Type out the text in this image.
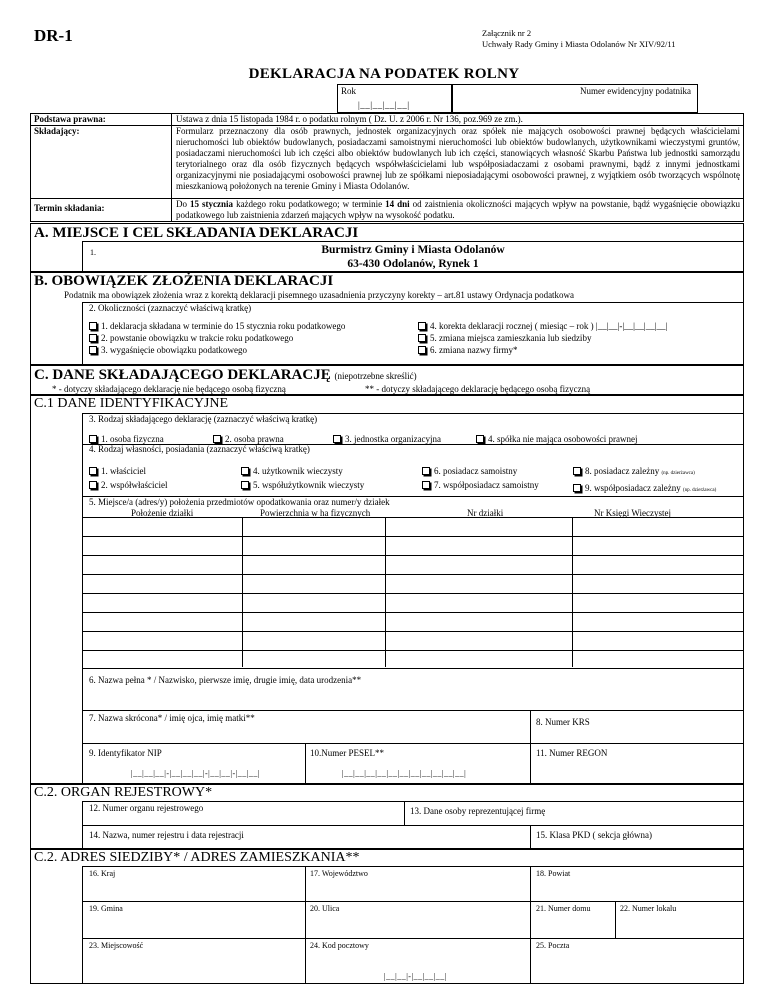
DR-1	Załącznik nr 2
Uchwały Rady Gminy i Miasta Odolanów Nr XIV/92/11
DEKLARACJA NA PODATEK ROLNY
Rok
|__|__|__|__|
Numer ewidencyjny podatnika
Podstawa prawna:	Ustawa z dnia 15 listopada 1984 r. o podatku rolnym ( Dz. U. z 2006 r. Nr 136, poz.969 ze zm.).
Składający:	Formularz przeznaczony dla osób prawnych, jednostek organizacyjnych oraz spółek nie mających osobowości prawnej będących właścicielami nieruchomości lub obiektów budowlanych, posiadaczami samoistnymi nieruchomości lub obiektów budowlanych, użytkownikami wieczystymi gruntów, posiadaczami nieruchomości lub ich części albo obiektów budowlanych lub ich części, stanowiących własność Skarbu Państwa lub jednostki samorządu terytorialnego oraz dla osób fizycznych będących współwłaścicielami lub współposiadaczami z osobami prawnymi, bądź z innymi jednostkami organizacyjnymi nie posiadającymi osobowości prawnej lub ze spółkami nieposiadającymi osobowości prawnej, z wyjątkiem osób tworzących wspólnotę mieszkaniową położonych na terenie Gminy i Miasta Odolanów.
Termin składania:	Do 15 stycznia każdego roku podatkowego; w terminie 14 dni od zaistnienia okoliczności mających wpływ na powstanie, bądź wygaśnięcie obowiązku podatkowego lub zaistnienia zdarzeń mających wpływ na wysokość podatku.
A. MIEJSCE I CEL SKŁADANIA DEKLARACJI
1.	Burmistrz Gminy i Miasta Odolanów
63-430 Odolanów, Rynek 1
B. OBOWIĄZEK ZŁOŻENIA DEKLARACJI
Podatnik ma obowiązek złożenia wraz z korektą deklaracji pisemnego uzasadnienia przyczyny korekty – art.81 ustawy Ordynacja podatkowa
2. Okoliczności (zaznaczyć właściwą kratkę)
1. deklaracja składana w terminie do 15 stycznia roku podatkowego
2. powstanie obowiązku w trakcie roku podatkowego
3. wygaśnięcie obowiązku podatkowego
4. korekta deklaracji rocznej ( miesiąc – rok ) |__|__|-|__|__|__|__|
5. zmiana miejsca zamieszkania lub siedziby
6. zmiana nazwy firmy*
C. DANE SKŁADAJĄCEGO DEKLARACJĘ (niepotrzebne skreślić)
* - dotyczy składającego deklarację nie będącego osobą fizyczną	** - dotyczy składającego deklarację będącego osobą fizyczną
C.1 DANE IDENTYFIKACYJNE
3. Rodzaj składającego deklarację (zaznaczyć właściwą kratkę)
1. osoba fizyczna	2. osoba prawna	3. jednostka organizacyjna	4. spółka nie mająca osobowości prawnej
4. Rodzaj własności, posiadania (zaznaczyć właściwą kratkę)
1. właściciel
2. współwłaściciel
4. użytkownik wieczysty
5. współużytkownik wieczysty
6. posiadacz samoistny
7. współposiadacz samoistny
8. posiadacz zależny (np. dzierżawca)
9. współposiadacz zależny (np. dzierżawca)
5. Miejsce/a (adres/y) położenia przedmiotów opodatkowania oraz numer/y działek
Położenie działki	Powierzchnia w ha fizycznych	Nr działki	Nr Księgi Wieczystej
6. Nazwa pełna * / Nazwisko, pierwsze imię, drugie imię, data urodzenia**
7. Nazwa skrócona* / imię ojca, imię matki**	8. Numer KRS
9. Identyfikator NIP	10.Numer PESEL**	11. Numer REGON
|__|__|__|-|__|__|__|-|__|__|-|__|__|	|__|__|__|__|__|__|__|__|__|__|__|
C.2. ORGAN REJESTROWY*
12. Numer organu rejestrowego	13. Dane osoby reprezentującej firmę
14. Nazwa, numer rejestru i data rejestracji	15. Klasa PKD ( sekcja główna)
C.2. ADRES SIEDZIBY* / ADRES ZAMIESZKANIA**
16. Kraj	17. Województwo	18. Powiat
19. Gmina	20. Ulica	21. Numer domu	22. Numer lokalu
23. Miejscowość	24. Kod pocztowy	25. Poczta
|__|__|-|__|__|__|
